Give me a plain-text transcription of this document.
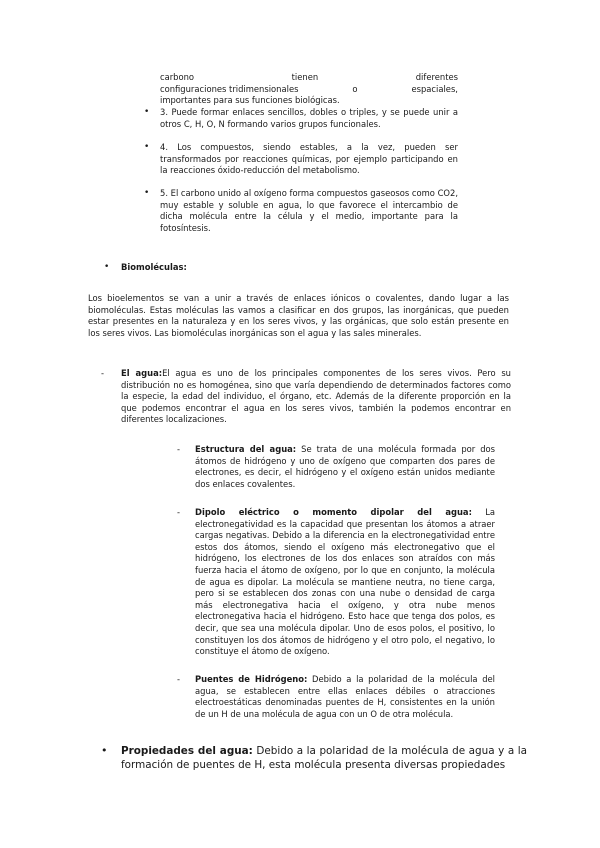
carbono	tienen	diferentes
configuraciones tridimensionales	o	espaciales,
importantes para sus funciones biológicas.
• 3. Puede formar enlaces sencillos, dobles o triples, y se puede unir a otros C, H, O, N formando varios grupos funcionales.
• 4. Los compuestos, siendo estables, a la vez, pueden ser transformados por reacciones químicas, por ejemplo participando en la reacciones óxido-reducción del metabolismo.
• 5. El carbono unido al oxígeno forma compuestos gaseosos como CO2, muy estable y soluble en agua, lo que favorece el intercambio de dicha molécula entre la célula y el medio, importante para la fotosíntesis.
• Biomoléculas:
Los bioelementos se van a unir a través de enlaces iónicos o covalentes, dando lugar a las biomoléculas. Estas moléculas las vamos a clasificar en dos grupos, las inorgánicas, que pueden estar presentes en la naturaleza y en los seres vivos, y las orgánicas, que solo están presente en los seres vivos. Las biomoléculas inorgánicas son el agua y las sales minerales.
- El agua:El agua es uno de los principales componentes de los seres vivos. Pero su distribución no es homogénea, sino que varía dependiendo de determinados factores como la especie, la edad del individuo, el órgano, etc. Además de la diferente proporción en la que podemos encontrar el agua en los seres vivos, también la podemos encontrar en diferentes localizaciones.
- Estructura del agua: Se trata de una molécula formada por dos átomos de hidrógeno y uno de oxígeno que comparten dos pares de electrones, es decir, el hidrógeno y el oxígeno están unidos mediante dos enlaces covalentes.
- Dipolo eléctrico o momento dipolar del agua: La electronegatividad es la capacidad que presentan los átomos a atraer cargas negativas. Debido a la diferencia en la electronegatividad entre estos dos átomos, siendo el oxígeno más electronegativo que el hidrógeno, los electrones de los dos enlaces son atraídos con más fuerza hacia el átomo de oxígeno, por lo que en conjunto, la molécula de agua es dipolar. La molécula se mantiene neutra, no tiene carga, pero si se establecen dos zonas con una nube o densidad de carga más electronegativa hacia el oxígeno, y otra nube menos electronegativa hacia el hidrógeno. Esto hace que tenga dos polos, es decir, que sea una molécula dipolar. Uno de esos polos, el positivo, lo constituyen los dos átomos de hidrógeno y el otro polo, el negativo, lo constituye el átomo de oxígeno.
- Puentes de Hidrógeno: Debido a la polaridad de la molécula del agua, se establecen entre ellas enlaces débiles o atracciones electroestáticas denominadas puentes de H, consistentes en la unión de un H de una molécula de agua con un O de otra molécula.
• Propiedades del agua: Debido a la polaridad de la molécula de agua y a la formación de puentes de H, esta molécula presenta diversas propiedades
